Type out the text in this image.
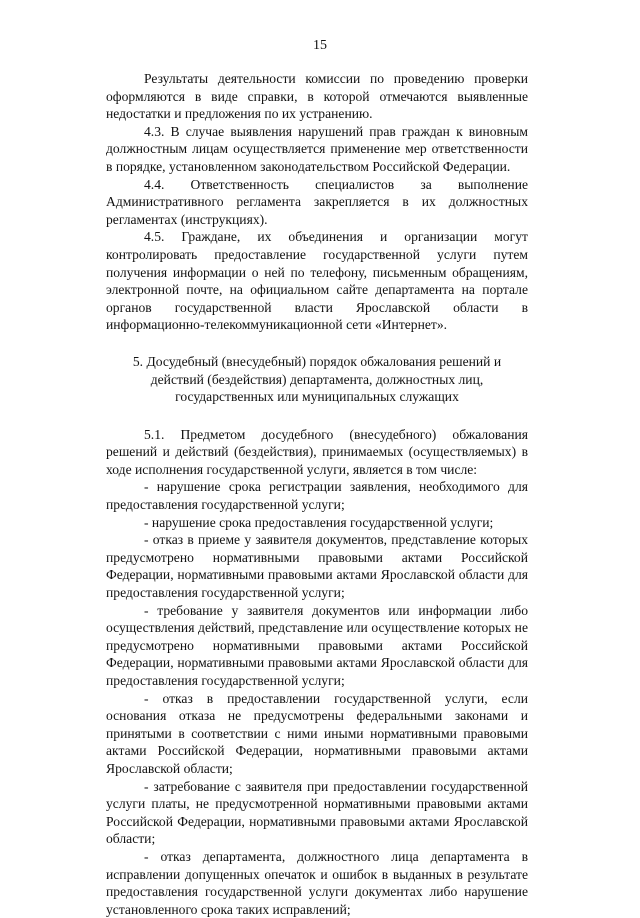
15

Результаты деятельности комиссии по проведению проверки оформляются в виде справки, в которой отмечаются выявленные недостатки и предложения по их устранению.

4.3. В случае выявления нарушений прав граждан к виновным должностным лицам осуществляется применение мер ответственности в порядке, установленном законодательством Российской Федерации.

4.4. Ответственность специалистов за выполнение Административного регламента закрепляется в их должностных регламентах (инструкциях).

4.5. Граждане, их объединения и организации могут контролировать предоставление государственной услуги путем получения информации о ней по телефону, письменным обращениям, электронной почте, на официальном сайте департамента на портале органов государственной власти Ярославской области в информационно-телекоммуникационной сети «Интернет».

5. Досудебный (внесудебный) порядок обжалования решений и действий (бездействия) департамента, должностных лиц, государственных или муниципальных служащих

5.1. Предметом досудебного (внесудебного) обжалования решений и действий (бездействия), принимаемых (осуществляемых) в ходе исполнения государственной услуги, является в том числе:

- нарушение срока регистрации заявления, необходимого для предоставления государственной услуги;

- нарушение срока предоставления государственной услуги;

- отказ в приеме у заявителя документов, представление которых предусмотрено нормативными правовыми актами Российской Федерации, нормативными правовыми актами Ярославской области для предоставления государственной услуги;

- требование у заявителя документов или информации либо осуществления действий, представление или осуществление которых не предусмотрено нормативными правовыми актами Российской Федерации, нормативными правовыми актами Ярославской области для предоставления государственной услуги;

- отказ в предоставлении государственной услуги, если основания отказа не предусмотрены федеральными законами и принятыми в соответствии с ними иными нормативными правовыми актами Российской Федерации, нормативными правовыми актами Ярославской области;

- затребование с заявителя при предоставлении государственной услуги платы, не предусмотренной нормативными правовыми актами Российской Федерации, нормативными правовыми актами Ярославской области;

- отказ департамента, должностного лица департамента в исправлении допущенных опечаток и ошибок в выданных в результате предоставления государственной услуги документах либо нарушение установленного срока таких исправлений;
